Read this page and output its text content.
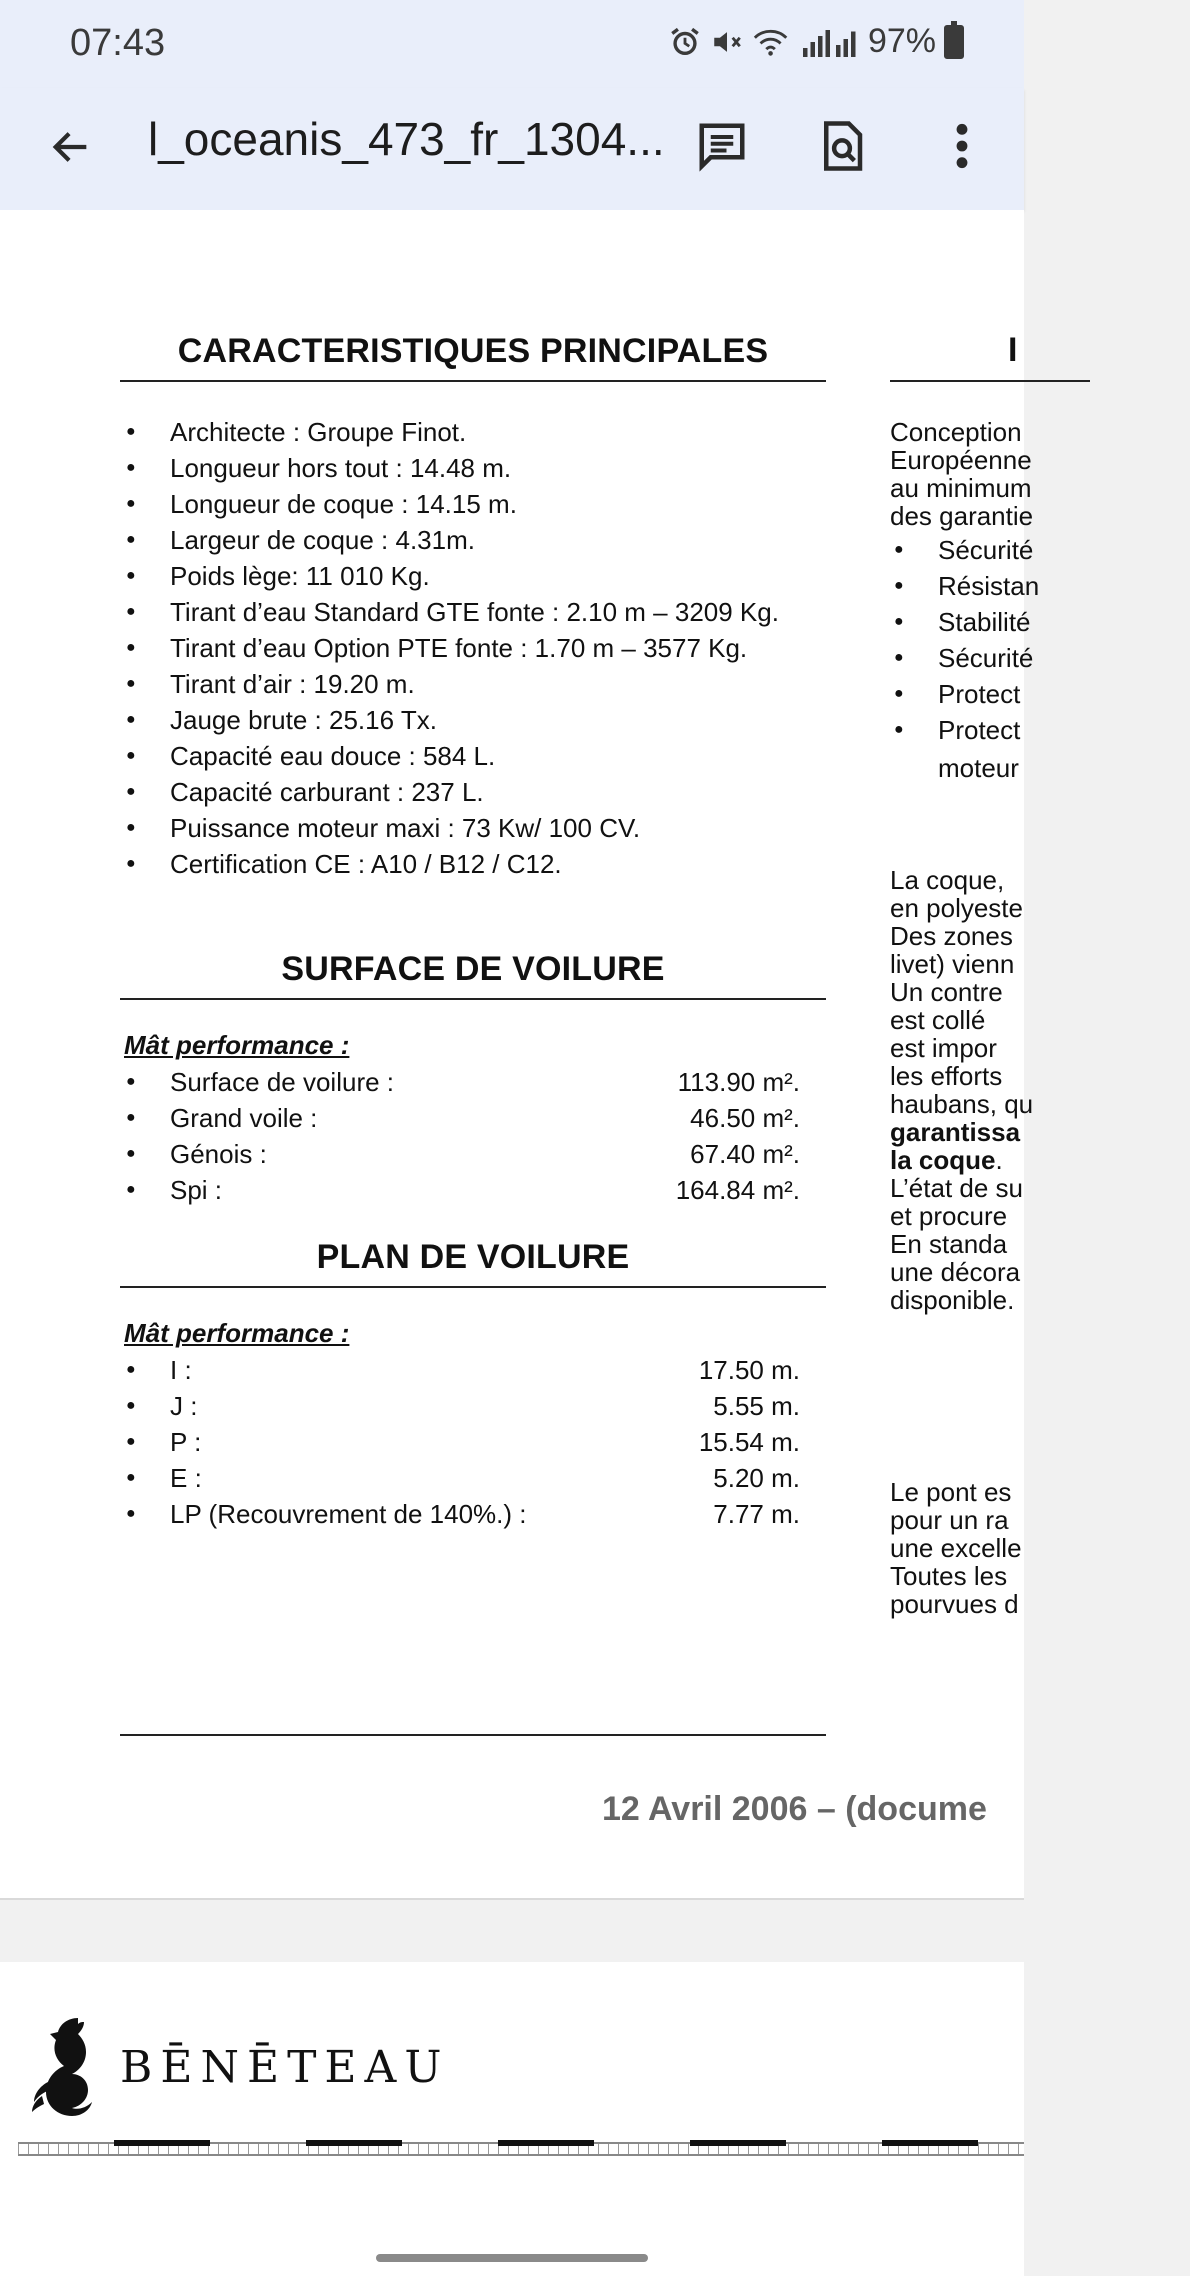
07:43	97%
l_oceanis_473_fr_1304...
CARACTERISTIQUES PRINCIPALES
● Architecte : Groupe Finot.
● Longueur hors tout : 14.48 m.
● Longueur de coque : 14.15 m.
● Largeur de coque : 4.31m.
● Poids lège: 11 010 Kg.
● Tirant d’eau Standard GTE fonte : 2.10 m – 3209 Kg.
● Tirant d’eau Option PTE fonte : 1.70 m – 3577 Kg.
● Tirant d’air : 19.20 m.
● Jauge brute : 25.16 Tx.
● Capacité eau douce : 584 L.
● Capacité carburant : 237 L.
● Puissance moteur maxi : 73 Kw/ 100 CV.
● Certification CE : A10 / B12 / C12.
SURFACE DE VOILURE
Mât performance :
● Surface de voilure :	113.90 m².
● Grand voile :	46.50 m².
● Génois :	67.40 m².
● Spi :	164.84 m².
PLAN DE VOILURE
Mât performance :
● I :	17.50 m.
● J :	5.55 m.
● P :	15.54 m.
● E :	5.20 m.
● LP (Recouvrement de 140%.) :	7.77 m.
I
Conception
Européenne
au minimum
des garantie
● Sécurité
● Résistan
● Stabilité
● Sécurité
● Protect
● Protect
moteur
La coque,
en polyeste
Des zones
livet) vienn
Un contre
est collé
est impor
les efforts
haubans, qu
garantissa
la coque.
L’état de su
et procure
En standa
une décora
disponible.
Le pont es
pour un ra
une excelle
Toutes les
pourvues d
12 Avril 2006 – (docume
BĒNĒTEAU
